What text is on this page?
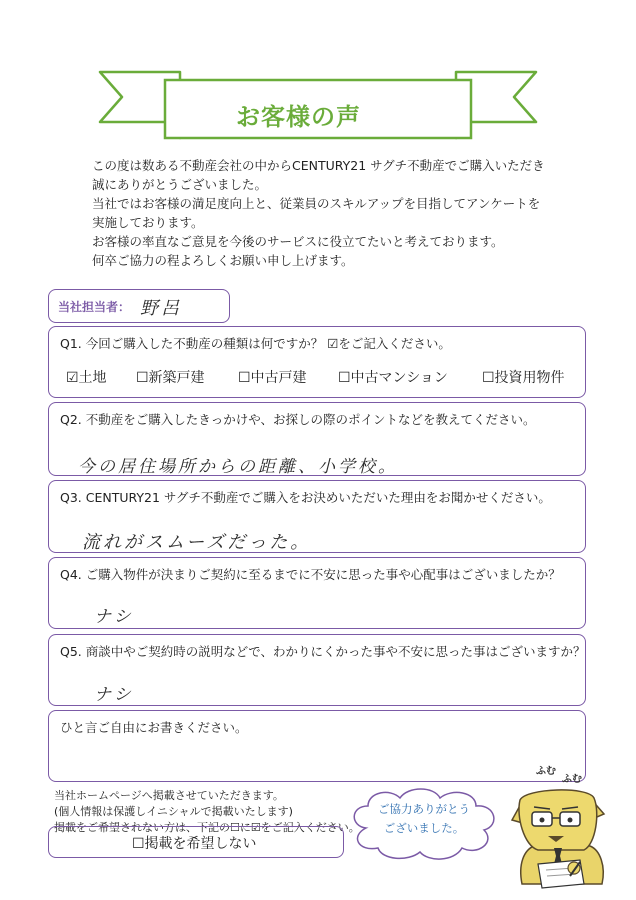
お客様の声
この度は数ある不動産会社の中からCENTURY21 サグチ不動産でご購入いただき
誠にありがとうございました。
当社ではお客様の満足度向上と、従業員のスキルアップを目指してアンケートを
実施しております。
お客様の率直なご意見を今後のサービスに役立てたいと考えております。
何卒ご協力の程よろしくお願い申し上げます。
当社担当者： 野呂
Q1. 今回ご購入した不動産の種類は何ですか？ ☑をご記入ください。
☑土地 ☐新築戸建 ☐中古戸建 ☐中古マンション ☐投資用物件
Q2. 不動産をご購入したきっかけや、お探しの際のポイントなどを教えてください。
今の居住場所からの距離、小学校。
Q3. CENTURY21 サグチ不動産でご購入をお決めいただいた理由をお聞かせください。
流れがスムーズだった。
Q4. ご購入物件が決まりご契約に至るまでに不安に思った事や心配事はございましたか？
ナシ
Q5. 商談中やご契約時の説明などで、わかりにくかった事や不安に思った事はございますか？
ナシ
ひと言ご自由にお書きください。
当社ホームページへ掲載させていただきます。
(個人情報は保護しイニシャルで掲載いたします)
掲載をご希望されない方は、下記の☐に☑をご記入ください。
☐掲載を希望しない
ご協力ありがとう
ございました。
ふむ
ふむ
